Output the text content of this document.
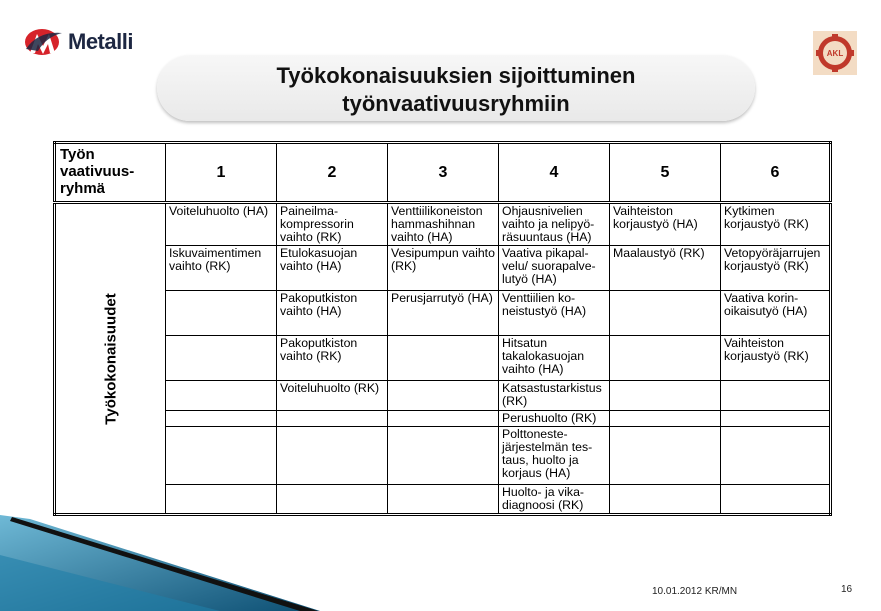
Metalli	AKL
Työkokonaisuuksien sijoittuminen
työnvaativuusryhmiin
Työn
vaativuus-
ryhmä	1	2	3	4	5	6

Työkokonaisuudet	Voiteluhuolto (HA)	Paineilma-kompressorin vaihto (RK)	Venttiilikoneiston hammashihnan vaihto (HA)	Ohjausnivelien vaihto ja nelipyö-räsuuntaus (HA)	Vaihteiston korjaustyö (HA)	Kytkimen korjaustyö (RK)
	Iskuvaimentimen vaihto (RK)	Etulokasuojan vaihto (HA)	Vesipumpun vaihto (RK)	Vaativa pikapal-velu/ suorapalve-lutyö (HA)	Maalaustyö (RK)	Vetopyöräjarrujen korjaustyö (RK)
		Pakoputkiston vaihto (HA)	Perusjarrutyö (HA)	Venttiilien ko-neistustyö (HA)		Vaativa korin-oikaisutyö (HA)
		Pakoputkiston vaihto (RK)		Hitsatun takalokasuojan vaihto (HA)		Vaihteiston korjaustyö (RK)
		Voiteluhuolto (RK)		Katsastustarkistus (RK)		
				Perushuolto (RK)		
				Polttoneste-järjestelmän tes-taus, huolto ja korjaus (HA)		
				Huolto- ja vika-diagnoosi (RK)		
10.01.2012 KR/MN	16
